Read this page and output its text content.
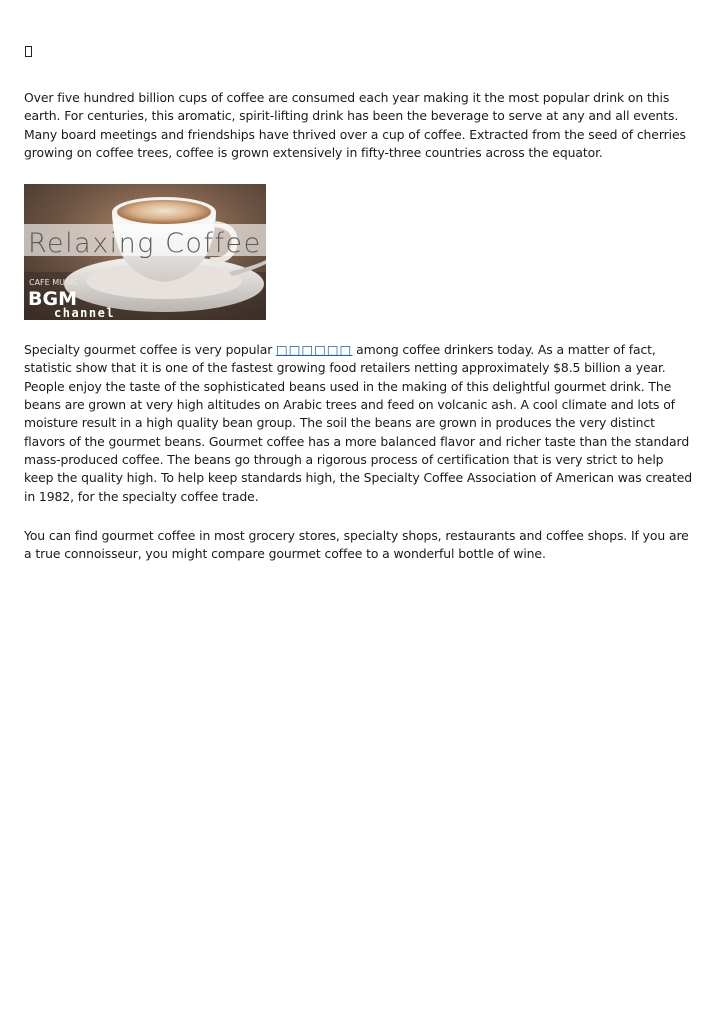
Over five hundred billion cups of coffee are consumed each year making it the most popular drink on this earth. For centuries, this aromatic, spirit-lifting drink has been the beverage to serve at any and all events. Many board meetings and friendships have thrived over a cup of coffee. Extracted from the seed of cherries growing on coffee trees, coffee is grown extensively in fifty-three countries across the equator.

Relaxing Coffee
CAFE MUSIC
BGM
channel

Specialty gourmet coffee is very popular □□□□□□ among coffee drinkers today. As a matter of fact, statistic show that it is one of the fastest growing food retailers netting approximately $8.5 billion a year. People enjoy the taste of the sophisticated beans used in the making of this delightful gourmet drink. The beans are grown at very high altitudes on Arabic trees and feed on volcanic ash. A cool climate and lots of moisture result in a high quality bean group. The soil the beans are grown in produces the very distinct flavors of the gourmet beans. Gourmet coffee has a more balanced flavor and richer taste than the standard mass-produced coffee. The beans go through a rigorous process of certification that is very strict to help keep the quality high. To help keep standards high, the Specialty Coffee Association of American was created in 1982, for the specialty coffee trade.

You can find gourmet coffee in most grocery stores, specialty shops, restaurants and coffee shops. If you are a true connoisseur, you might compare gourmet coffee to a wonderful bottle of wine.
